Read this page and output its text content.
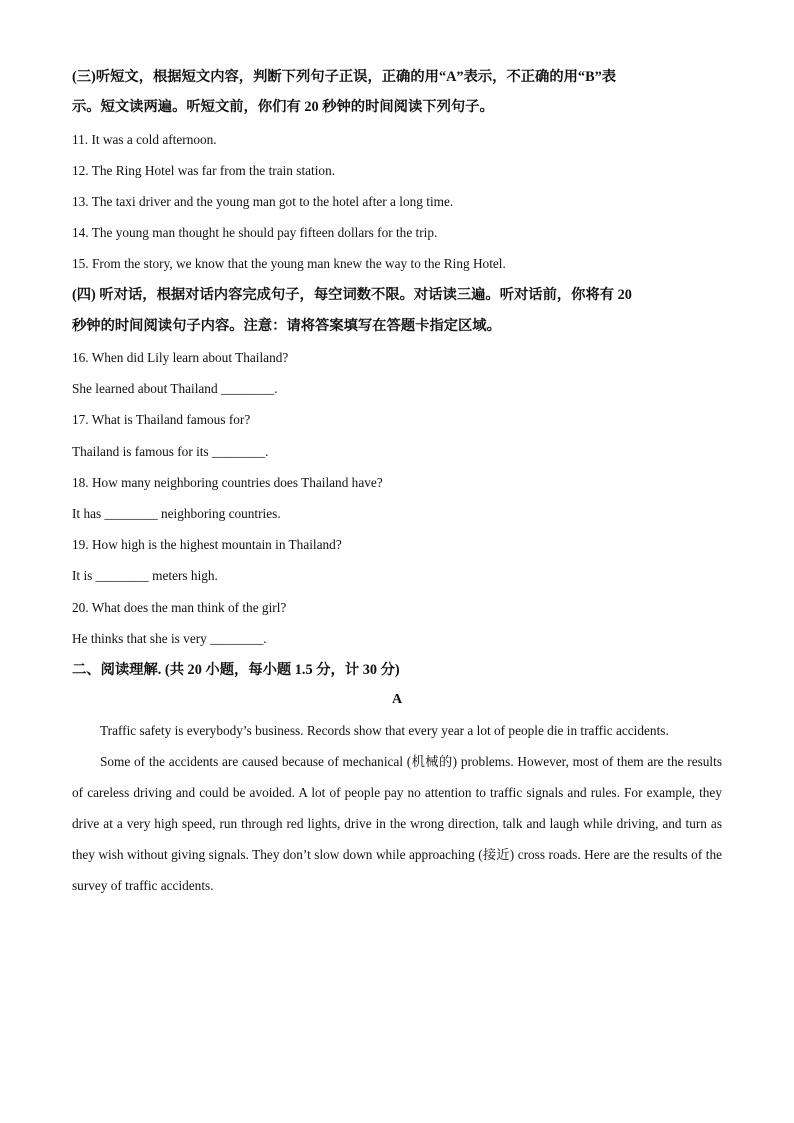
(三)听短文，根据短文内容，判断下列句子正误，正确的用“A”表示，不正确的用“B”表
示。短文读两遍。听短文前，你们有 20 秒钟的时间阅读下列句子。
11. It was a cold afternoon.
12. The Ring Hotel was far from the train station.
13. The taxi driver and the young man got to the hotel after a long time.
14. The young man thought he should pay fifteen dollars for the trip.
15. From the story, we know that the young man knew the way to the Ring Hotel.
(四) 听对话，根据对话内容完成句子，每空词数不限。对话读三遍。听对话前，你将有 20
秒钟的时间阅读句子内容。注意：请将答案填写在答题卡指定区域。
16. When did Lily learn about Thailand?
She learned about Thailand ________.
17. What is Thailand famous for?
Thailand is famous for its ________.
18. How many neighboring countries does Thailand have?
It has ________ neighboring countries.
19. How high is the highest mountain in Thailand?
It is ________ meters high.
20. What does the man think of the girl?
He thinks that she is very ________.
二、阅读理解. (共 20 小题，每小题 1.5 分，计 30 分)
A

Traffic safety is everybody’s business. Records show that every year a lot of people die in traffic accidents.

Some of the accidents are caused because of mechanical (机械的) problems. However, most of them are the results of careless driving and could be avoided. A lot of people pay no attention to traffic signals and rules. For example, they drive at a very high speed, run through red lights, drive in the wrong direction, talk and laugh while driving, and turn as they wish without giving signals. They don’t slow down while approaching (接近) cross roads. Here are the results of the survey of traffic accidents.
